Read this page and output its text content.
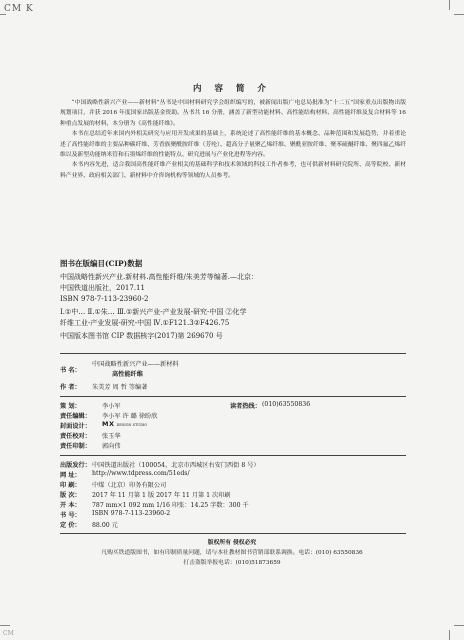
CM K
CM
内 容 简 介

“中国战略性新兴产业——新材料”丛书是中国材料研究学会组织编写的，被新闻出版广电总局批准为“十二五”国家重点出版物出版规划项目，并获 2016 年度国家出版基金资助。丛书共 16 分册，涵盖了新型功能材料、高性能结构材料、高性能纤维及复合材料等 16 种重点发展的材料，本分册为《高性能纤维》。

本书在总结近年来国内外相关研究与应用开发成果的基础上，系统论述了高性能纤维的基本概念、品种范围和发展趋势，并着重论述了高性能纤维的主要品种碳纤维、芳香族聚酰胺纤维（芳纶）、超高分子量聚乙烯纤维、聚酰亚胺纤维、聚苯硫醚纤维、聚四氟乙烯纤维以及新型功能纳米管和石墨烯纤维的性能特点、研究进展与产业化进程等内容。

本书内容先进，适合我国高性能纤维产业相关的基础科学和技术领域的科技工作者参考，也可供新材料研究院所、高等院校、新材料产业界、政府相关部门、新材料中介咨询机构等领域的人员参考。

图书在版编目(CIP)数据
中国战略性新兴产业.新材料.高性能纤维/朱美芳等编著.—北京：
中国铁道出版社，2017.11
ISBN 978-7-113-23960-2
Ⅰ.①中… Ⅱ.①朱… Ⅲ.①新兴产业-产业发展-研究-中国 ②化学
纤维工业-产业发展-研究-中国 Ⅳ.①F121.3②F426.75
中国版本图书馆 CIP 数据核字(2017)第 269670 号
书 名：
中国战略性新兴产业——新材料
高性能纤维
作 者： 朱美芳 周 哲 等编著
策 划：	李小军	读者热线： (010)63550836
责任编辑： 李小军 许 璐 徐盼欣
封面设计： MX DESIGN STUDIO
责任校对： 张玉华
责任印制： 郭向伟
出版发行： 中国铁道出版社（100054，北京市西城区右安门西街 8 号）
网 址： http://www.tdpress.com/51eds/
印 刷： 中煤（北京）印务有限公司
版 次： 2017 年 11 月第 1 版 2017 年 11 月第 1 次印刷
开 本： 787 mm×1 092 mm 1/16 印张：14.25 字数：300 千
书 号： ISBN 978-7-113-23960-2
定 价： 88.00 元
版权所有 侵权必究
凡购买铁道版图书，如有印制质量问题，请与本社教材图书营销部联系调换。电话：(010) 63550836
打击盗版举报电话：(010)51873659
